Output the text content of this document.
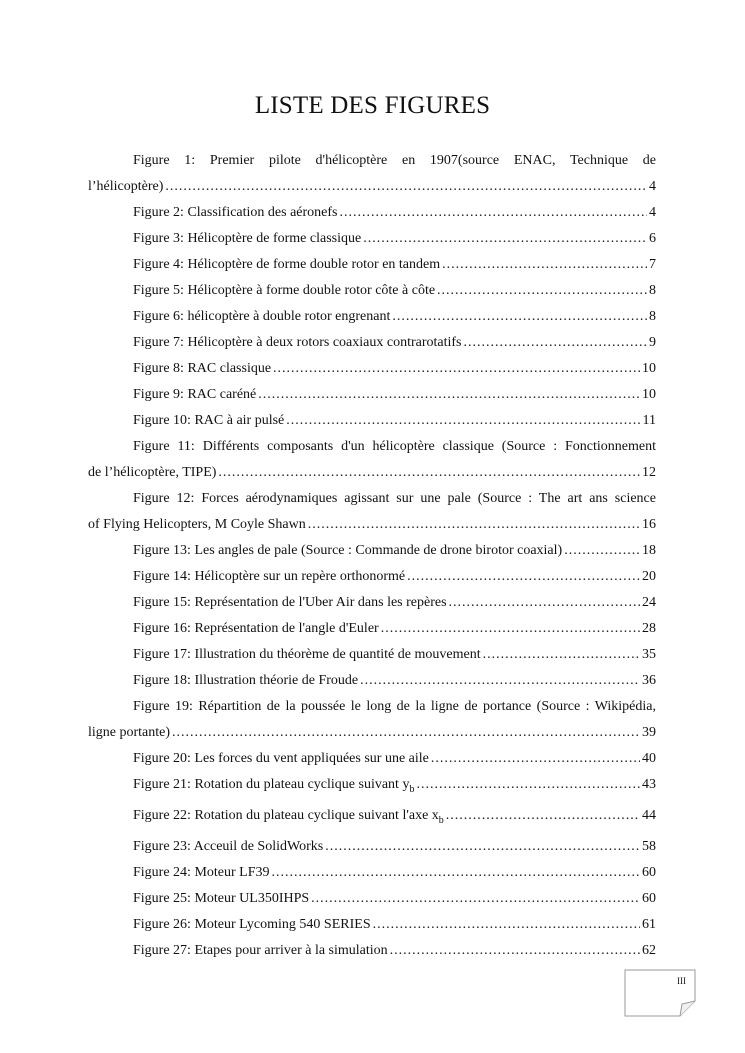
LISTE DES FIGURES
Figure 1: Premier pilote d'hélicoptère en 1907(source ENAC, Technique de
l’hélicoptère) .....	4
Figure 2: Classification des aéronefs .....	4
Figure 3: Hélicoptère de forme classique .....	6
Figure 4: Hélicoptère de forme double rotor en tandem .....	7
Figure 5: Hélicoptère à forme double rotor côte à côte .....	8
Figure 6: hélicoptère à double rotor engrenant .....	8
Figure 7: Hélicoptère à deux rotors coaxiaux contrarotatifs .....	9
Figure 8: RAC classique .....	10
Figure 9: RAC caréné .....	10
Figure 10: RAC à air pulsé .....	11
Figure 11: Différents composants d'un hélicoptère classique (Source : Fonctionnement
de l’hélicoptère, TIPE) .....	12
Figure 12: Forces aérodynamiques agissant sur une pale (Source : The art ans science
of Flying Helicopters, M Coyle Shawn .....	16
Figure 13: Les angles de pale (Source : Commande de drone birotor coaxial) .....	18
Figure 14: Hélicoptère sur un repère orthonormé .....	20
Figure 15: Représentation de l'Uber Air dans les repères .....	24
Figure 16: Représentation de l'angle d'Euler .....	28
Figure 17: Illustration du théorème de quantité de mouvement .....	35
Figure 18: Illustration théorie de Froude .....	36
Figure 19: Répartition de la poussée le long de la ligne de portance (Source : Wikipédia,
ligne portante) .....	39
Figure 20: Les forces du vent appliquées sur une aile .....	40
Figure 21: Rotation du plateau cyclique suivant $y_b$ .....	43
Figure 22: Rotation du plateau cyclique suivant l'axe $x_b$ .....	44
Figure 23: Acceuil de SolidWorks .....	58
Figure 24: Moteur LF39 .....	60
Figure 25: Moteur UL350IHPS .....	60
Figure 26: Moteur Lycoming 540 SERIES .....	61
Figure 27: Etapes pour arriver à la simulation .....	62
III
